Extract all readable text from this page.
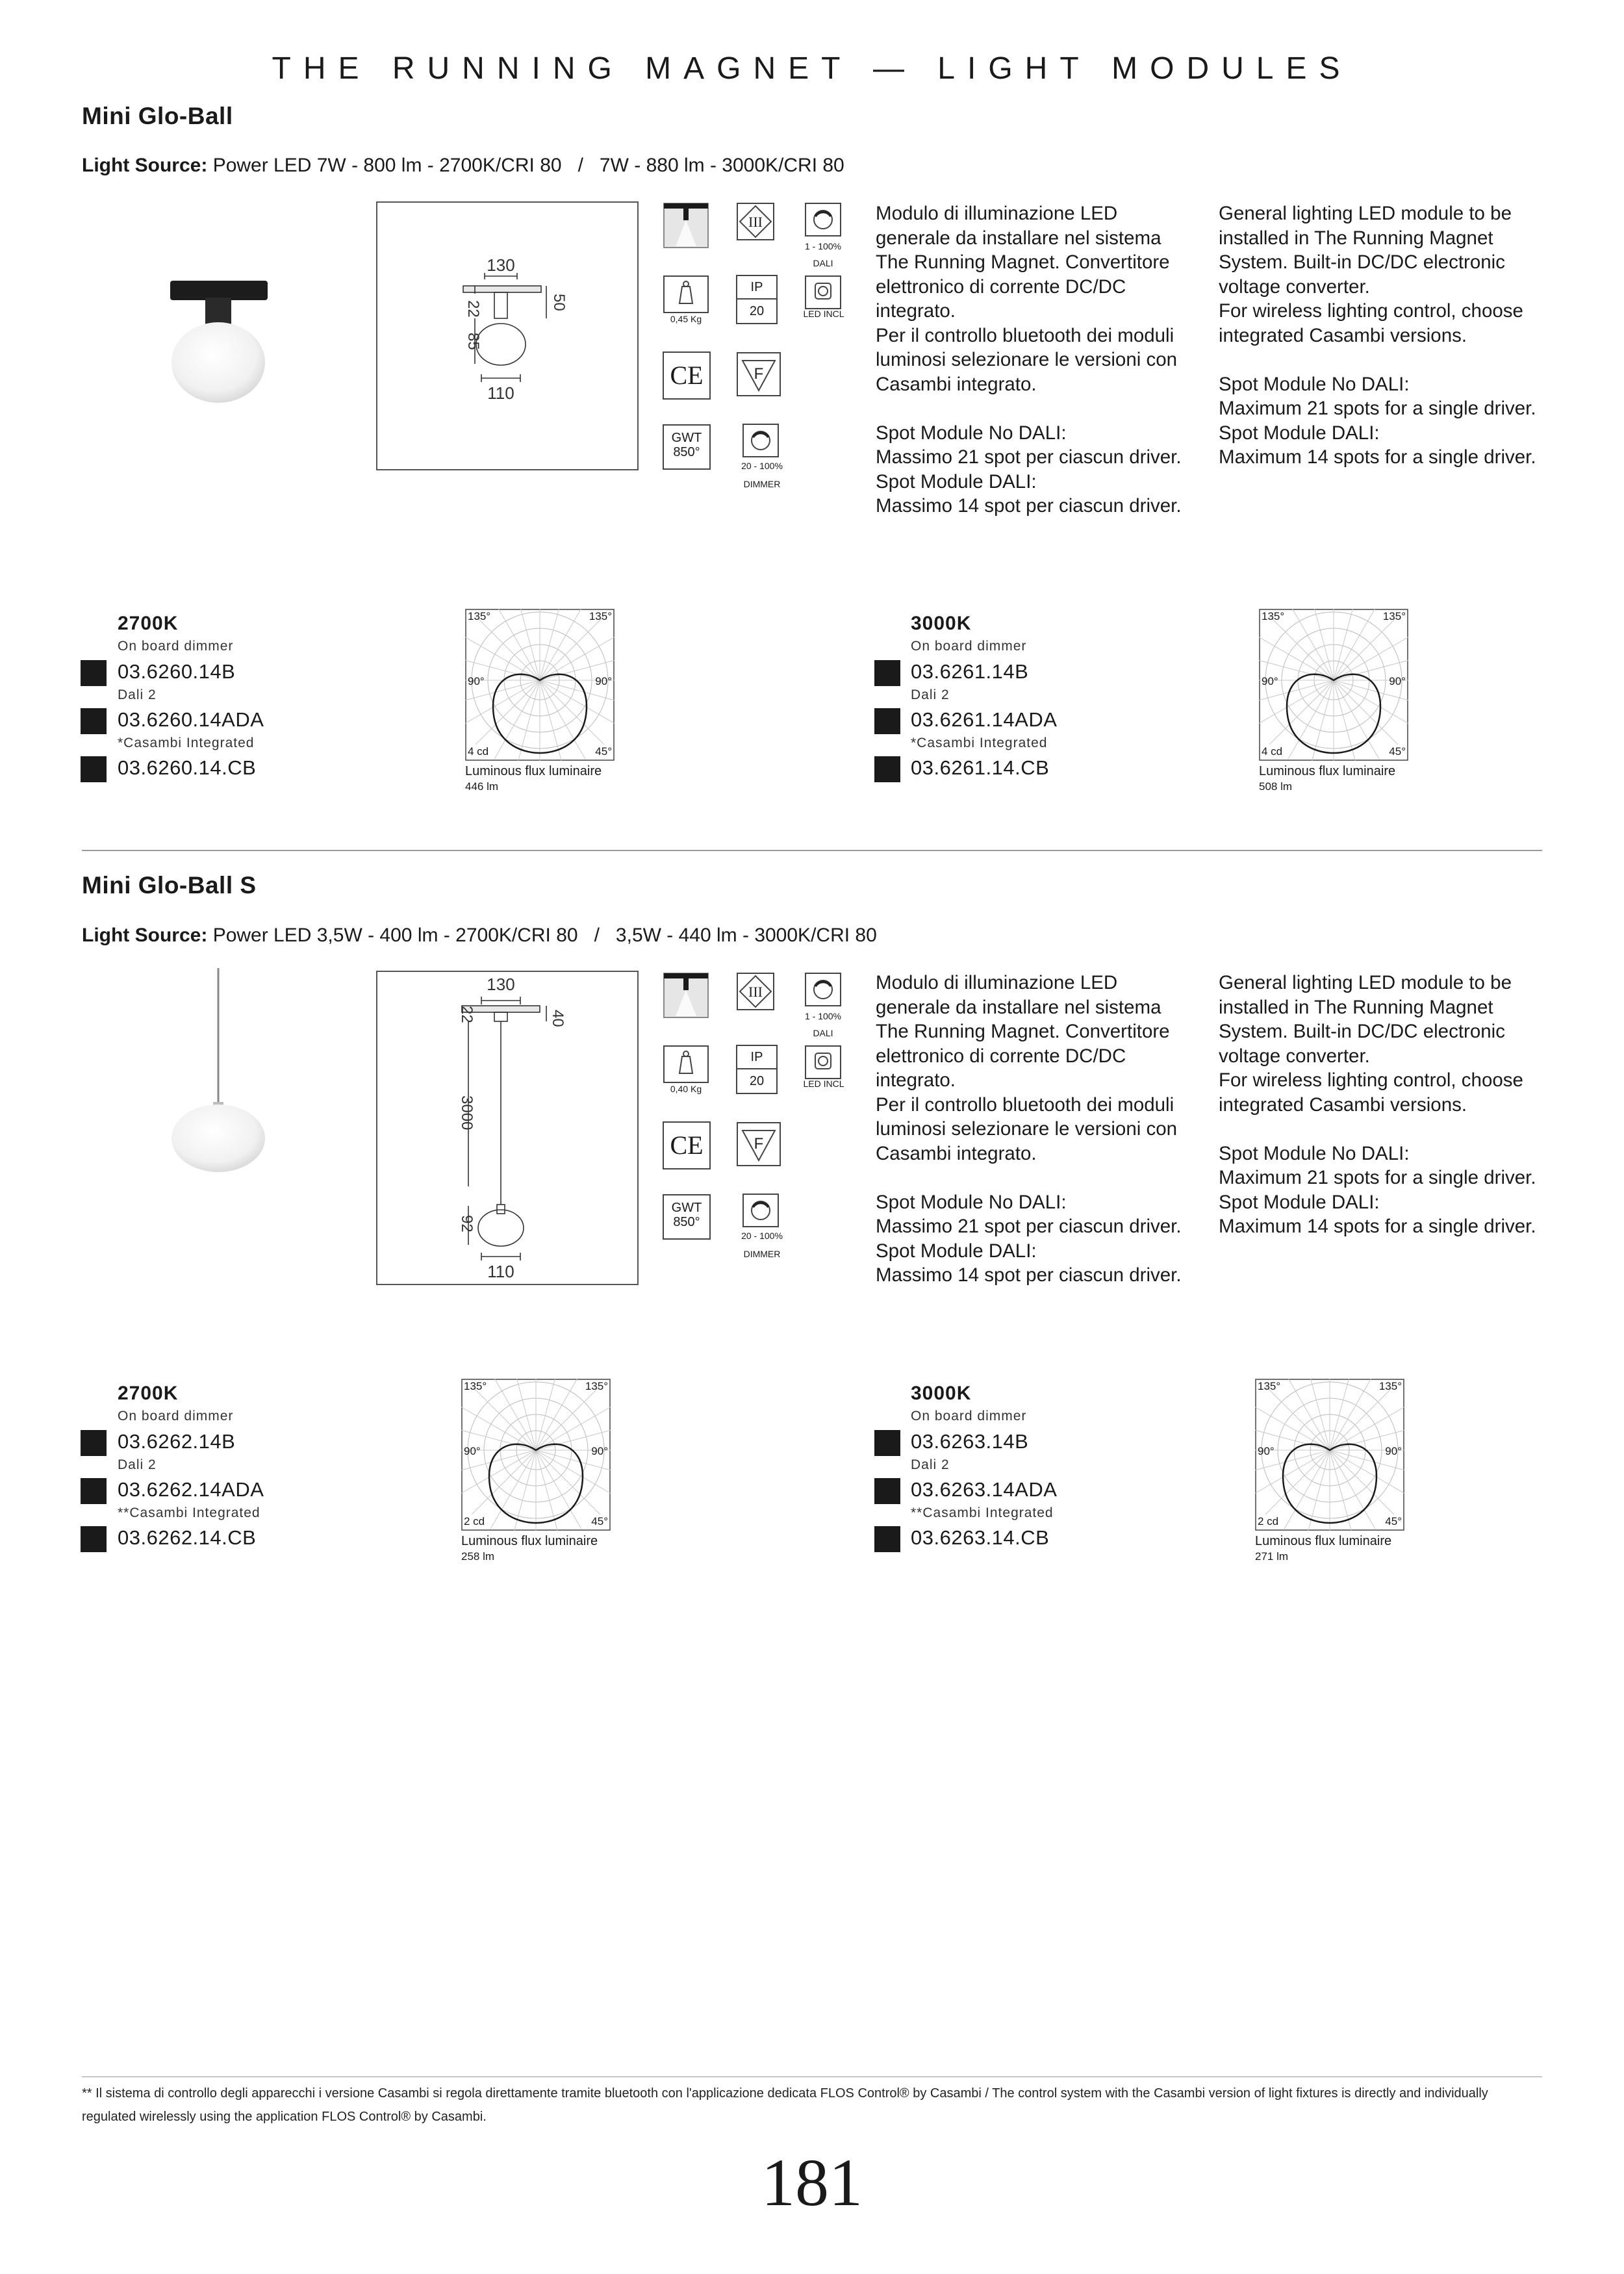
THE RUNNING MAGNET — LIGHT MODULES
Mini Glo-Ball
Light Source: Power LED 7W - 800 lm - 2700K/CRI 80   /   7W - 880 lm - 3000K/CRI 80
130
22	50
85
110
III
1 - 100%
DALI
0,45 Kg
IP
20	LED INCL
CE	F
GWT
850°
20 - 100%
DIMMER
Modulo di illuminazione LED
generale da installare nel sistema
The Running Magnet. Convertitore
elettronico di corrente DC/DC
integrato.
Per il controllo bluetooth dei moduli
luminosi selezionare le versioni con
Casambi integrato.

Spot Module No DALI:
Massimo 21 spot per ciascun driver.
Spot Module DALI:
Massimo 14 spot per ciascun driver.
General lighting LED module to be
installed in The Running Magnet
System. Built-in DC/DC electronic
voltage converter.
For wireless lighting control, choose
integrated Casambi versions.

Spot Module No DALI:
Maximum 21 spots for a single driver.
Spot Module DALI:
Maximum 14 spots for a single driver.
2700K
On board dimmer
03.6260.14B
Dali 2
03.6260.14ADA
*Casambi Integrated
03.6260.14.CB
3000K
On board dimmer
03.6261.14B
Dali 2
03.6261.14ADA
*Casambi Integrated
03.6261.14.CB
135°	135°
90°	90°
4 cd	45°
Luminous flux luminaire
446 lm
135°	135°
90°	90°
4 cd	45°
Luminous flux luminaire
508 lm
Mini Glo-Ball S
Light Source: Power LED 3,5W - 400 lm - 2700K/CRI 80   /   3,5W - 440 lm - 3000K/CRI 80
130
22	40
3000
92
110
III
1 - 100%
DALI
0,40 Kg
IP
20	LED INCL
CE	F
GWT
850°
20 - 100%
DIMMER
Modulo di illuminazione LED
generale da installare nel sistema
The Running Magnet. Convertitore
elettronico di corrente DC/DC
integrato.
Per il controllo bluetooth dei moduli
luminosi selezionare le versioni con
Casambi integrato.

Spot Module No DALI:
Massimo 21 spot per ciascun driver.
Spot Module DALI:
Massimo 14 spot per ciascun driver.
General lighting LED module to be
installed in The Running Magnet
System. Built-in DC/DC electronic
voltage converter.
For wireless lighting control, choose
integrated Casambi versions.

Spot Module No DALI:
Maximum 21 spots for a single driver.
Spot Module DALI:
Maximum 14 spots for a single driver.
2700K
On board dimmer
03.6262.14B
Dali 2
03.6262.14ADA
**Casambi Integrated
03.6262.14.CB
3000K
On board dimmer
03.6263.14B
Dali 2
03.6263.14ADA
**Casambi Integrated
03.6263.14.CB
135°	135°
90°	90°
2 cd	45°
Luminous flux luminaire
258 lm
135°	135°
90°	90°
2 cd	45°
Luminous flux luminaire
271 lm
** Il sistema di controllo degli apparecchi i versione Casambi si regola direttamente tramite bluetooth con l'applicazione dedicata FLOS Control® by Casambi / The control system with the Casambi version of light fixtures is directly and individually regulated wirelessly using the application FLOS Control® by Casambi.
181
